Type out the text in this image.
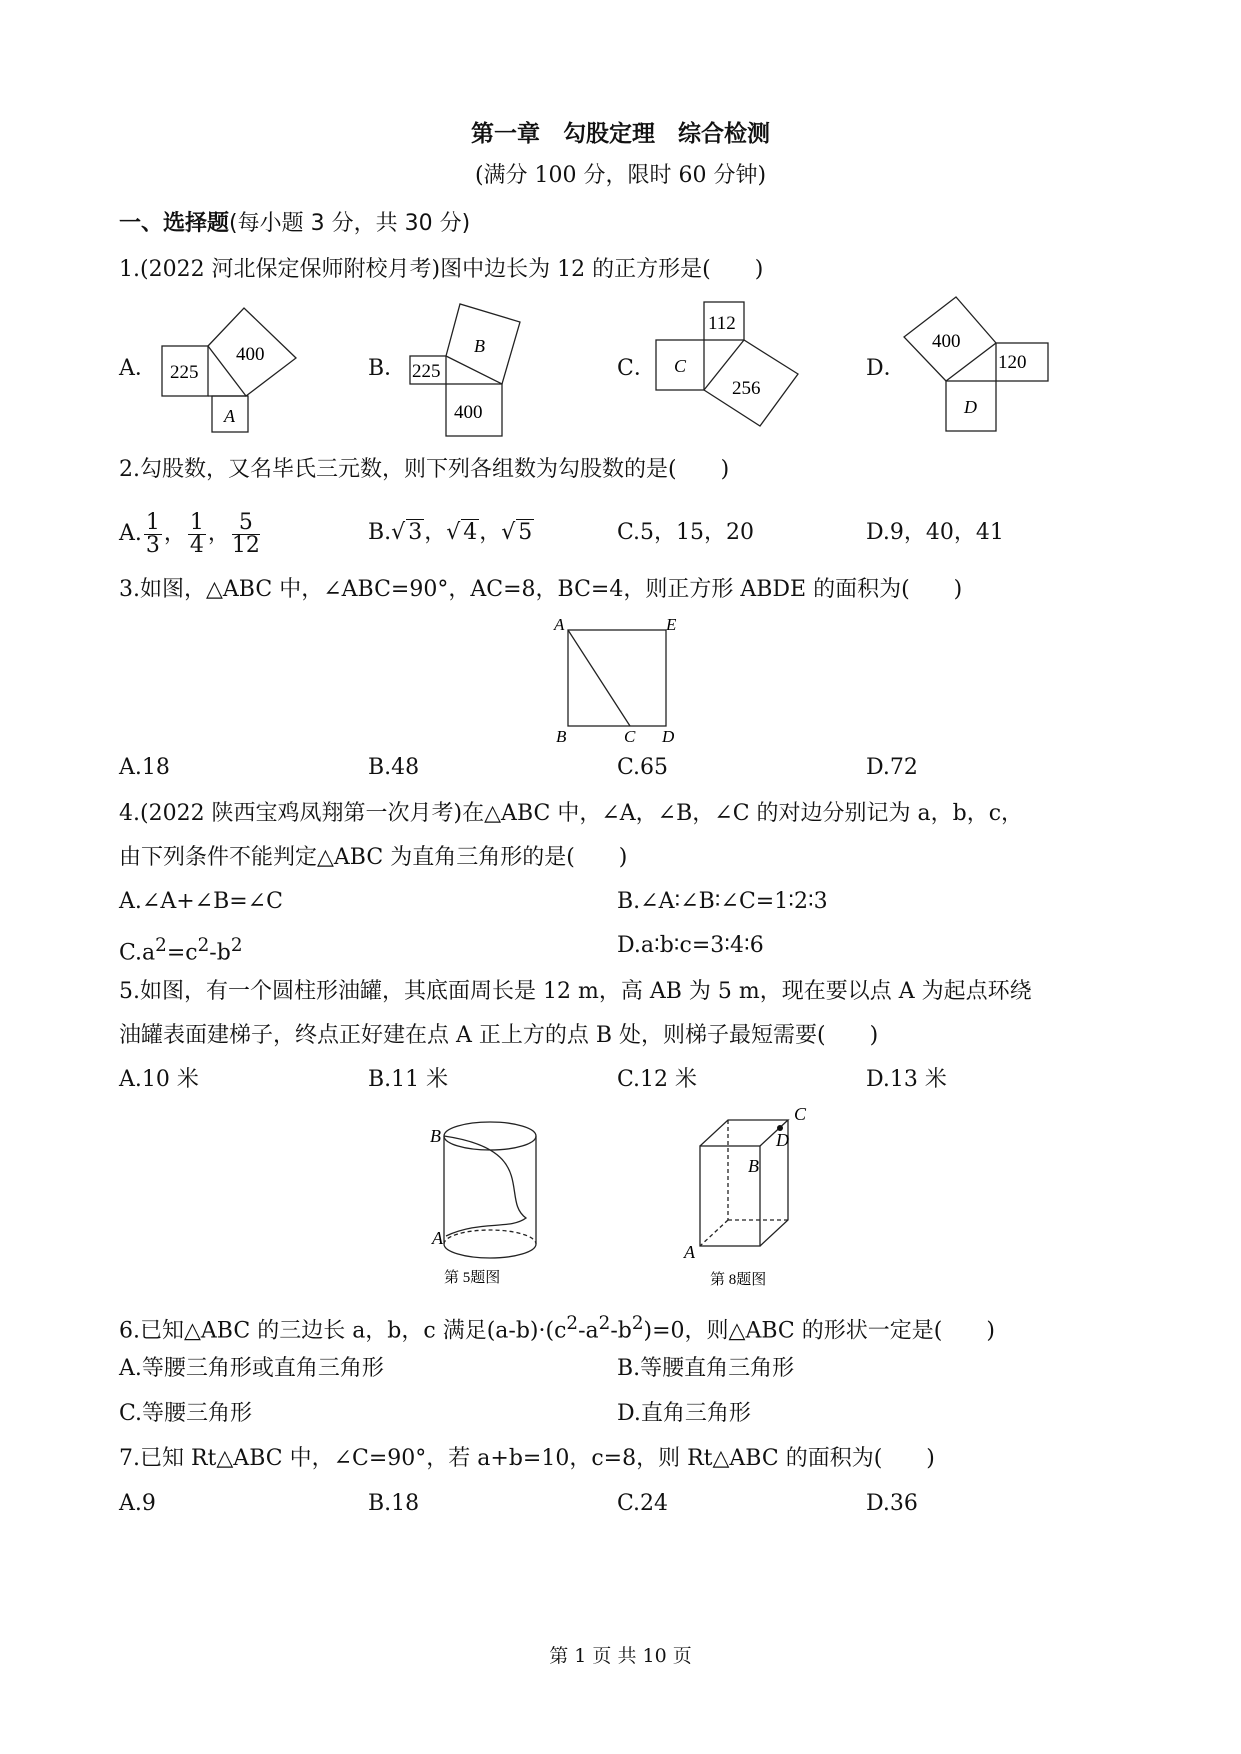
第一章　勾股定理　综合检测
(满分 100 分，限时 60 分钟)
一、选择题(每小题 3 分，共 30 分)
1.(2022 河北保定保师附校月考)图中边长为 12 的正方形是(　　)
A．	B．	C．	D．
225
400
A
225
B
400
112
C
256
400
120
D
2.勾股数，又名毕氏三元数，则下列各组数为勾股数的是(　　)
A. $\frac{1}{3}$ ， $\frac{1}{4}$ ， $\frac{5}{12}$	B.√ 3，√ 4，√ 5	C.5，15，20	D.9，40，41
3.如图，△ABC 中，∠ABC=90°，AC=8，BC=4，则正方形 ABDE 的面积为(　　)
A	E
B	C D
A.18	B.48	C.65	D.72
4.(2022 陕西宝鸡凤翔第一次月考)在△ABC 中，∠A，∠B，∠C 的对边分别记为 a，b，c，
由下列条件不能判定△ABC 为直角三角形的是(　　)
A.∠A+∠B=∠C	B.∠A∶∠B∶∠C=1∶2∶3
$C.a^2=c^2-b^2$	D.a∶b∶c=3∶4∶6
5.如图，有一个圆柱形油罐，其底面周长是 12 m，高 AB 为 5 m，现在要以点 A 为起点环绕
油罐表面建梯子，终点正好建在点 A 正上方的点 B 处，则梯子最短需要(　　)
A.10 米	B.11 米	C.12 米	D.13 米
B
A
第 5题图
C
D
B
A
第 8题图
6.已知△ABC 的三边长 a，b，c 满足$(a-b)\cdot(c^2-a^2-b^2)=0$，则△ABC 的形状一定是(　　)
A.等腰三角形或直角三角形	B.等腰直角三角形
C.等腰三角形	D.直角三角形
7.已知 Rt△ABC 中，∠C=90°，若 a+b=10，c=8，则 Rt△ABC 的面积为(　　)
A.9	B.18	C.24	D.36
第 1 页 共 10 页
